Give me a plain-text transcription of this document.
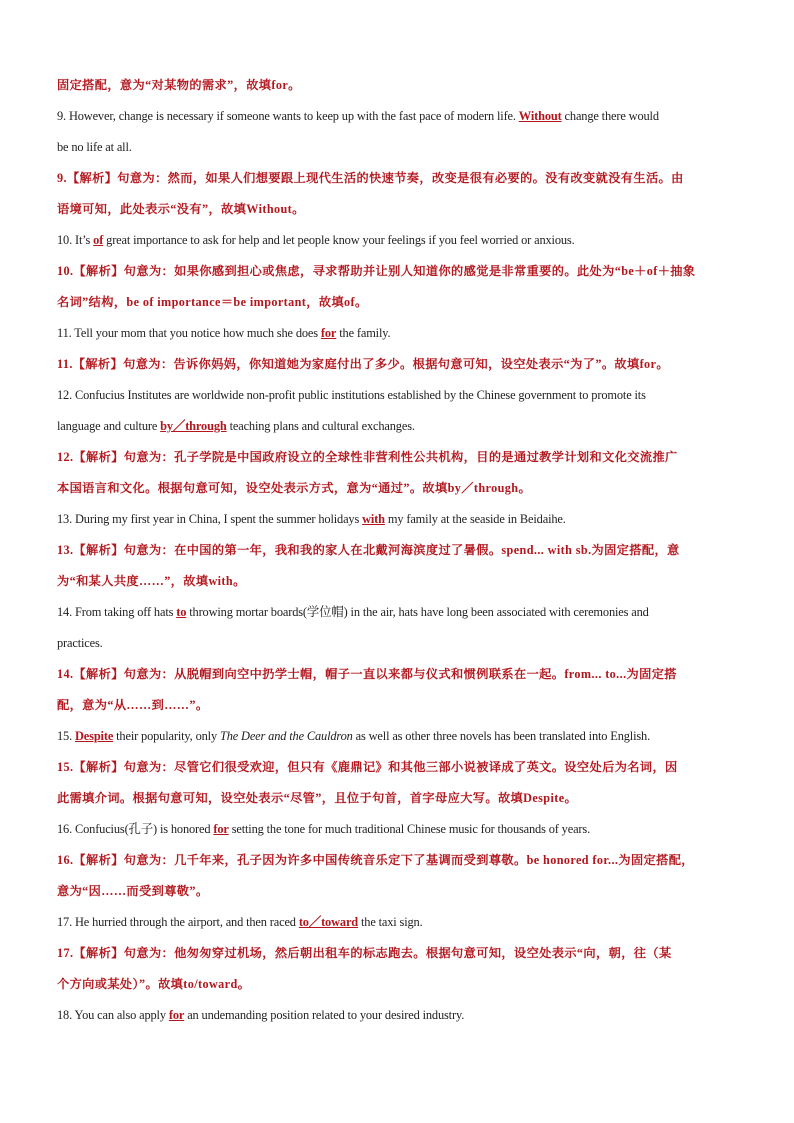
固定搭配，意为“对某物的需求”，故填for。
9. However, change is necessary if someone wants to keep up with the fast pace of modern life. Without change there would
be no life at all.
9.【解析】句意为：然而，如果人们想要跟上现代生活的快速节奏，改变是很有必要的。没有改变就没有生活。由
语境可知，此处表示“没有”，故填Without。
10. It’s of great importance to ask for help and let people know your feelings if you feel worried or anxious.
10.【解析】句意为：如果你感到担心或焦虑，寻求帮助并让别人知道你的感觉是非常重要的。此处为“be＋of＋抽象
名词”结构，be of importance＝be important，故填of。
11. Tell your mom that you notice how much she does for the family.
11.【解析】句意为：告诉你妈妈，你知道她为家庭付出了多少。根据句意可知，设空处表示“为了”。故填for。
12. Confucius Institutes are worldwide non-profit public institutions established by the Chinese government to promote its
language and culture by／through teaching plans and cultural exchanges.
12.【解析】句意为：孔子学院是中国政府设立的全球性非营利性公共机构，目的是通过教学计划和文化交流推广
本国语言和文化。根据句意可知，设空处表示方式，意为“通过”。故填by／through。
13. During my first year in China, I spent the summer holidays with my family at the seaside in Beidaihe.
13.【解析】句意为：在中国的第一年，我和我的家人在北戴河海滨度过了暑假。spend... with sb.为固定搭配，意
为“和某人共度……”，故填with。
14. From taking off hats to throwing mortar boards(学位帽) in the air, hats have long been associated with ceremonies and
practices.
14.【解析】句意为：从脱帽到向空中扔学士帽，帽子一直以来都与仪式和惯例联系在一起。from... to...为固定搭
配，意为“从……到……”。
15. Despite their popularity, only The Deer and the Cauldron as well as other three novels has been translated into English.
15.【解析】句意为：尽管它们很受欢迎，但只有《鹿鼎记》和其他三部小说被译成了英文。设空处后为名词，因
此需填介词。根据句意可知，设空处表示“尽管”，且位于句首，首字母应大写。故填Despite。
16. Confucius(孔子) is honored for setting the tone for much traditional Chinese music for thousands of years.
16.【解析】句意为：几千年来，孔子因为许多中国传统音乐定下了基调而受到尊敬。be honored for...为固定搭配，
意为“因……而受到尊敬”。
17. He hurried through the airport, and then raced to／toward the taxi sign.
17.【解析】句意为：他匆匆穿过机场，然后朝出租车的标志跑去。根据句意可知，设空处表示“向，朝，往（某
个方向或某处）”。故填to/toward。
18. You can also apply for an undemanding position related to your desired industry.
